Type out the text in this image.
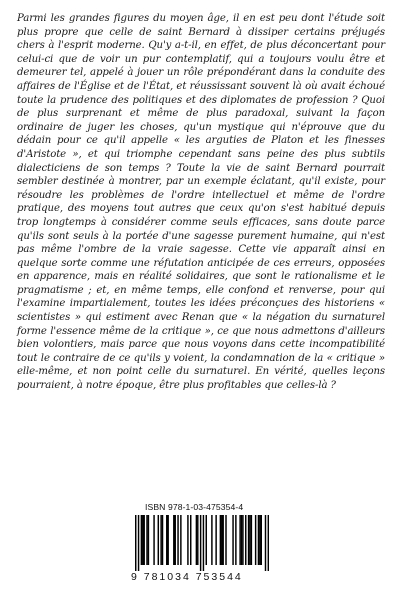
Parmi les grandes figures du moyen âge, il en est peu dont l'étude soit plus propre que celle de saint Bernard à dissiper certains préjugés chers à l'esprit moderne. Qu'y a-t-il, en effet, de plus déconcertant pour celui-ci que de voir un pur contemplatif, qui a toujours voulu être et demeurer tel, appelé à jouer un rôle prépondérant dans la conduite des affaires de l'Église et de l'État, et réussissant souvent là où avait échoué toute la prudence des politiques et des diplomates de profession ? Quoi de plus surprenant et même de plus paradoxal, suivant la façon ordinaire de juger les choses, qu'un mystique qui n'éprouve que du dédain pour ce qu'il appelle « les arguties de Platon et les finesses d'Aristote », et qui triomphe cependant sans peine des plus subtils dialecticiens de son temps ? Toute la vie de saint Bernard pourrait sembler destinée à montrer, par un exemple éclatant, qu'il existe, pour résoudre les problèmes de l'ordre intellectuel et même de l'ordre pratique, des moyens tout autres que ceux qu'on s'est habitué depuis trop longtemps à considérer comme seuls efficaces, sans doute parce qu'ils sont seuls à la portée d'une sagesse purement humaine, qui n'est pas même l'ombre de la vraie sagesse. Cette vie apparaît ainsi en quelque sorte comme une réfutation anticipée de ces erreurs, opposées en apparence, mais en réalité solidaires, que sont le rationalisme et le pragmatisme ; et, en même temps, elle confond et renverse, pour qui l'examine impartialement, toutes les idées préconçues des historiens « scientistes » qui estiment avec Renan que « la négation du surnaturel forme l'essence même de la critique », ce que nous admettons d'ailleurs bien volontiers, mais parce que nous voyons dans cette incompatibilité tout le contraire de ce qu'ils y voient, la condamnation de la « critique » elle-même, et non point celle du surnaturel. En vérité, quelles leçons pourraient, à notre époque, être plus profitables que celles-là ?

ISBN 978-1-03-475354-4
9 781034 753544
